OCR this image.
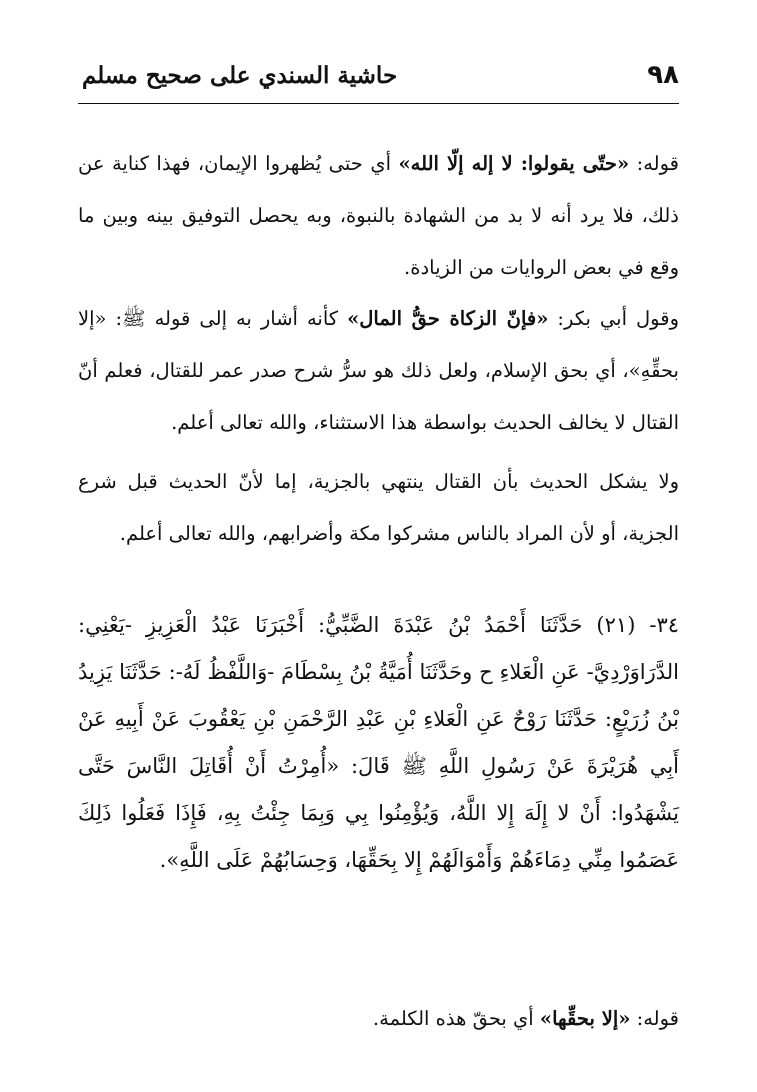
٩٨
حاشية السندي على صحيح مسلم

قوله: «حتّى يقولوا: لا إله إلّا الله» أي حتى يُظهروا الإيمان، فهذا كناية عن ذلك، فلا يرد أنه لا بد من الشهادة بالنبوة، وبه يحصل التوفيق بينه وبين ما وقع في بعض الروايات من الزيادة.

وقول أبي بكر: «فإنّ الزكاة حقُّ المال» كأنه أشار به إلى قوله ﷺ: «إلا بحقِّهِ»، أي بحق الإسلام، ولعل ذلك هو سرُّ شرح صدر عمر للقتال، فعلم أنّ القتال لا يخالف الحديث بواسطة هذا الاستثناء، والله تعالى أعلم.

ولا يشكل الحديث بأن القتال ينتهي بالجزية، إما لأنّ الحديث قبل شرع الجزية، أو لأن المراد بالناس مشركوا مكة وأضرابهم، والله تعالى أعلم.

٣٤- (٢١) حَدَّثَنَا أَحْمَدُ بْنُ عَبْدَةَ الضَّبِّيُّ: أَخْبَرَنَا عَبْدُ الْعَزِيزِ -يَعْنِي: الدَّرَاوَرْدِيَّ- عَنِ الْعَلاءِ ح وحَدَّثَنَا أُمَيَّةُ بْنُ بِسْطَامَ -وَاللَّفْظُ لَهُ-: حَدَّثَنَا يَزِيدُ بْنُ زُرَيْعٍ: حَدَّثَنَا رَوْحٌ عَنِ الْعَلاءِ بْنِ عَبْدِ الرَّحْمَنِ بْنِ يَعْقُوبَ عَنْ أَبِيهِ عَنْ أَبِي هُرَيْرَةَ عَنْ رَسُولِ اللَّهِ ﷺ قَالَ: «أُمِرْتُ أَنْ أُقَاتِلَ النَّاسَ حَتَّى يَشْهَدُوا: أَنْ لا إِلَهَ إِلا اللَّهُ، وَيُؤْمِنُوا بِي وَبِمَا جِئْتُ بِهِ، فَإِذَا فَعَلُوا ذَلِكَ عَصَمُوا مِنِّي دِمَاءَهُمْ وَأَمْوَالَهُمْ إِلا بِحَقِّهَا، وَحِسَابُهُمْ عَلَى اللَّهِ».

قوله: «إلا بحقِّها» أي بحقّ هذه الكلمة.
